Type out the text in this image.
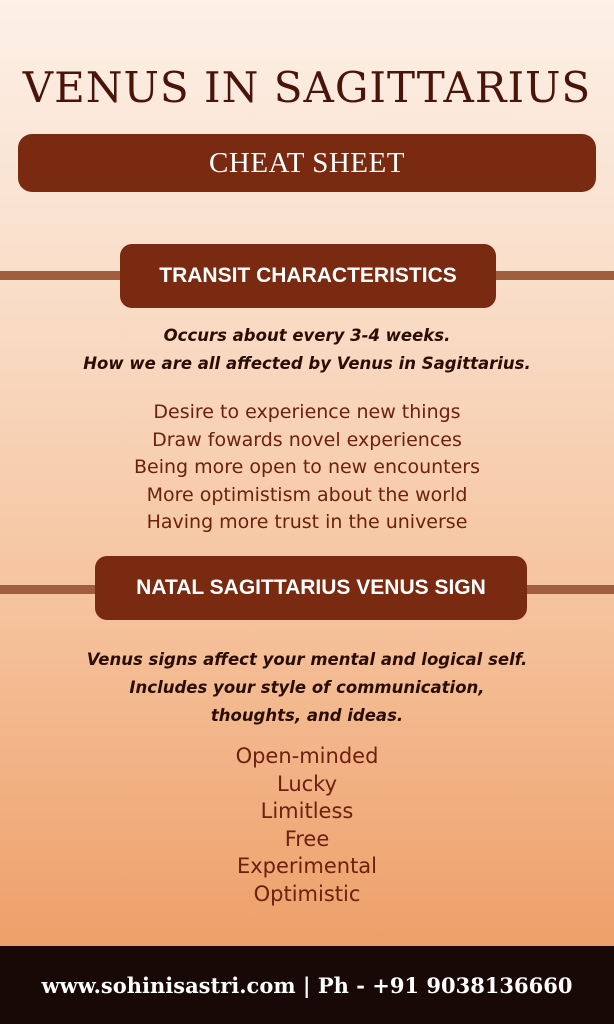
VENUS IN SAGITTARIUS
CHEAT SHEET
TRANSIT CHARACTERISTICS
Occurs about every 3-4 weeks.
How we are all affected by Venus in Sagittarius.
Desire to experience new things
Draw fowards novel experiences
Being more open to new encounters
More optimistism about the world
Having more trust in the universe
NATAL SAGITTARIUS VENUS SIGN
Venus signs affect your mental and logical self.
Includes your style of communication,
thoughts, and ideas.
Open-minded
Lucky
Limitless
Free
Experimental
Optimistic
www.sohinisastri.com | Ph - +91 9038136660
